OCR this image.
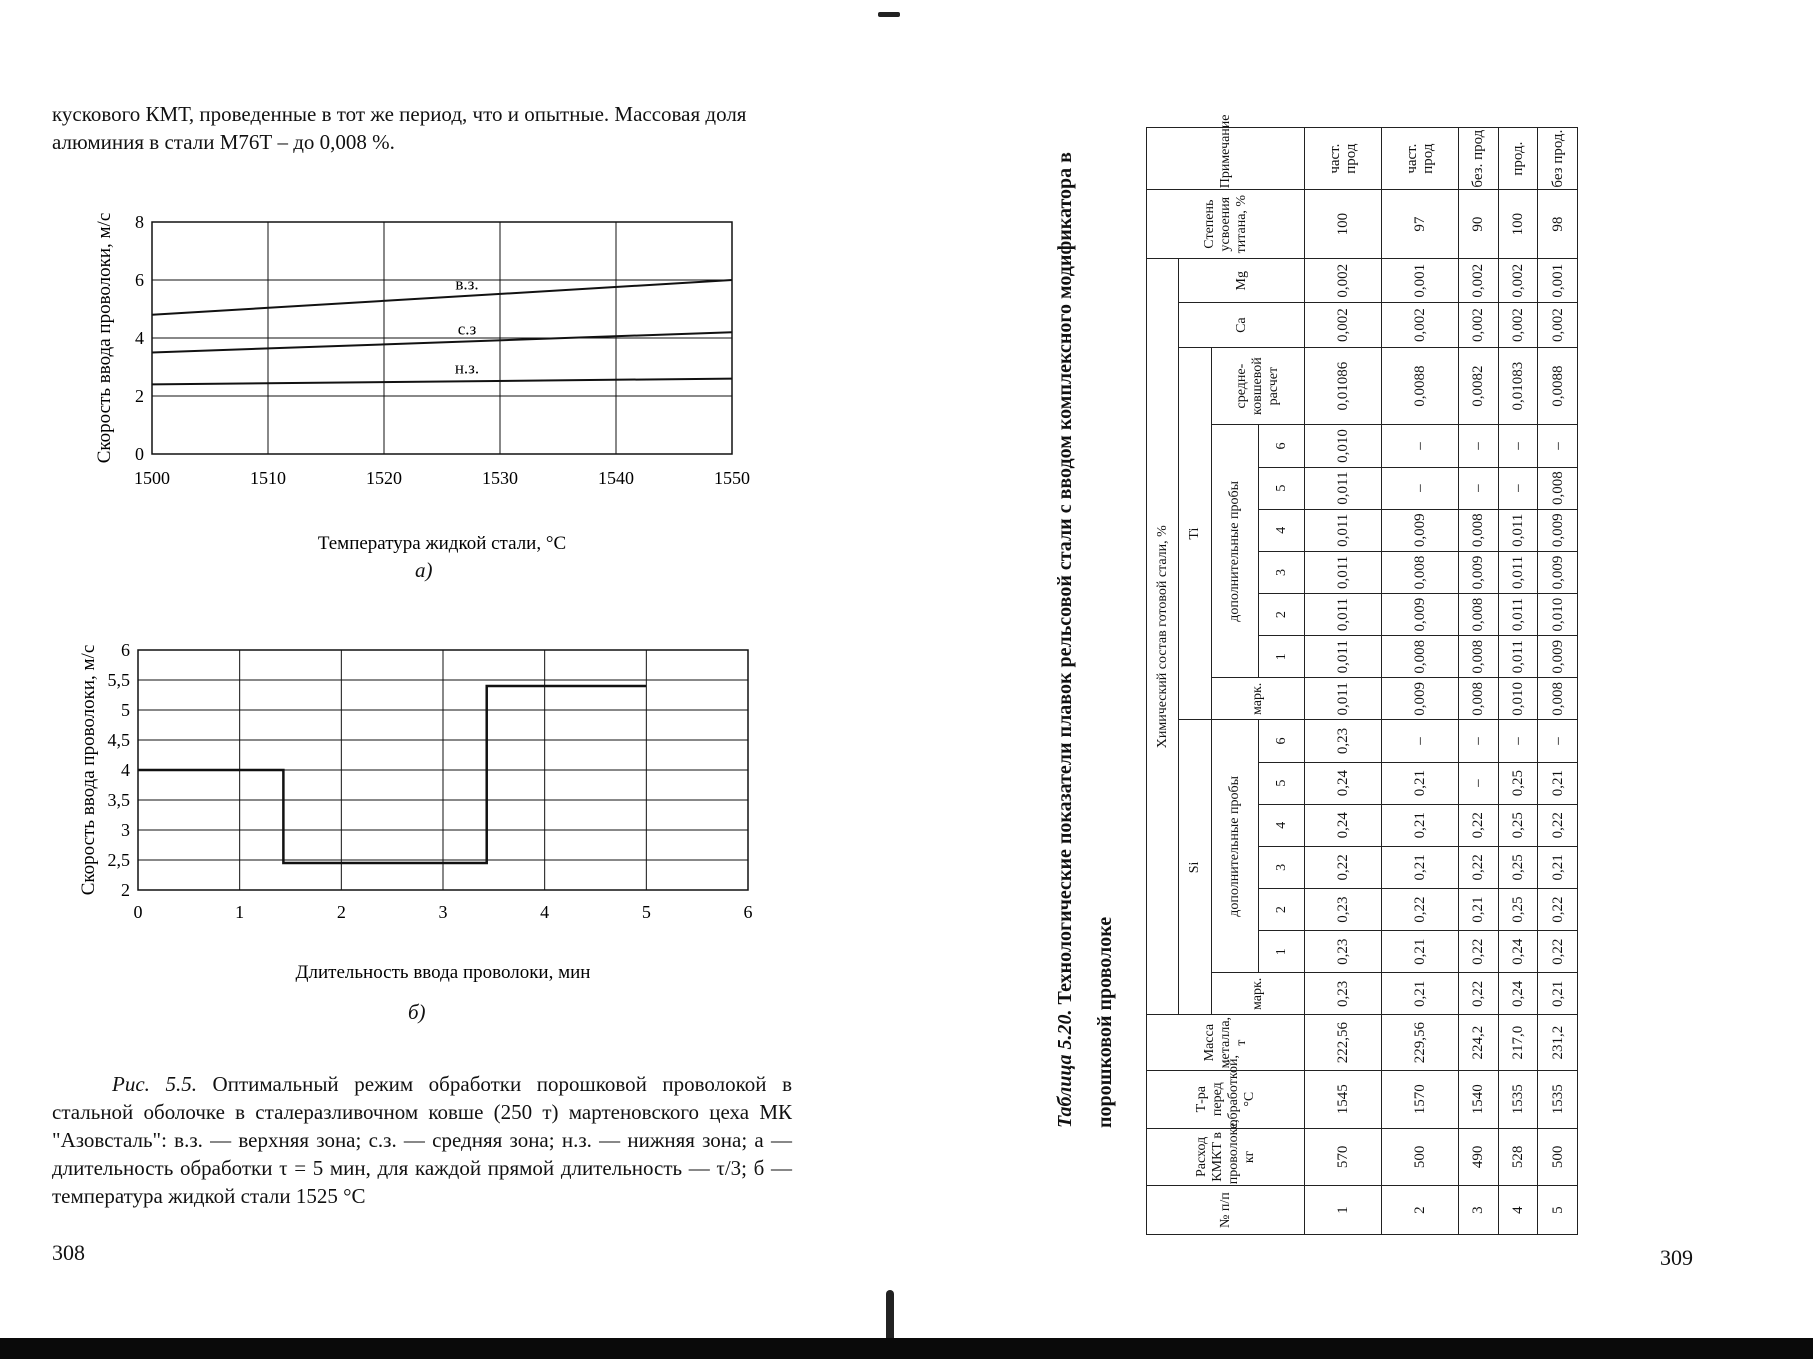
кускового КМТ, проведенные в тот же период, что и опытные. Массовая доля алюминия в стали М76Т – до 0,008 %.
1500	1510	1520	1530	1540	1550
0
2
4
6
8
в.з.
с.з
н.з.
Скорость ввода проволоки, м/с
Температура жидкой стали, °С
а)
0	1	2	3	4	5	6
2
2,5
3
3,5
4
4,5
5
5,5
6
Скорость ввода проволоки, м/с
Длительность ввода проволоки, мин
б)
Рис. 5.5. Оптимальный режим обработки порошковой проволокой в стальной оболочке в сталеразливочном ковше (250 т) мартеновского цеха МК "Азовсталь": в.з. — верхняя зона; с.з. — средняя зона; н.з. — нижняя зона; а — длительность обработки τ = 5 мин, для каждой прямой длительность — τ/3; б — температура жидкой стали 1525 °С
308	309
Таблица 5.20. Технологические показатели плавок рельсовой стали с вводом комплексного модификатора в порошковой проволоке
№ п/п	Расход КМКТ в проволоке, кг	Т-ра перед обработкой, °С	Масса металла, т	Химический состав готовой стали, %																	Степень усвоения титана, %	Примечание
				Si							Ti								Ca	Mg		
				марк.	дополнительные пробы						марк.	дополнительные пробы						средне-ковшевой расчет				
					1	2	3	4	5	6		1	2	3	4	5	6					
1	570	1545	222,56	0,23	0,23	0,23	0,22	0,24	0,24	0,23	0,011	0,011	0,011	0,011	0,011	0,011	0,010	0,01086	0,002	0,002	100	част. прод
2	500	1570	229,56	0,21	0,21	0,22	0,21	0,21	0,21	–	0,009	0,008	0,009	0,008	0,009	–	–	0,0088	0,002	0,001	97	част. прод
3	490	1540	224,2	0,22	0,22	0,21	0,22	0,22	–	–	0,008	0,008	0,008	0,009	0,008	–	–	0,0082	0,002	0,002	90	без. прод
4	528	1535	217,0	0,24	0,24	0,25	0,25	0,25	0,25	–	0,010	0,011	0,011	0,011	0,011	–	–	0,01083	0,002	0,002	100	прод.
5	500	1535	231,2	0,21	0,22	0,22	0,21	0,22	0,21	–	0,008	0,009	0,010	0,009	0,009	0,008	–	0,0088	0,002	0,001	98	без прод.
